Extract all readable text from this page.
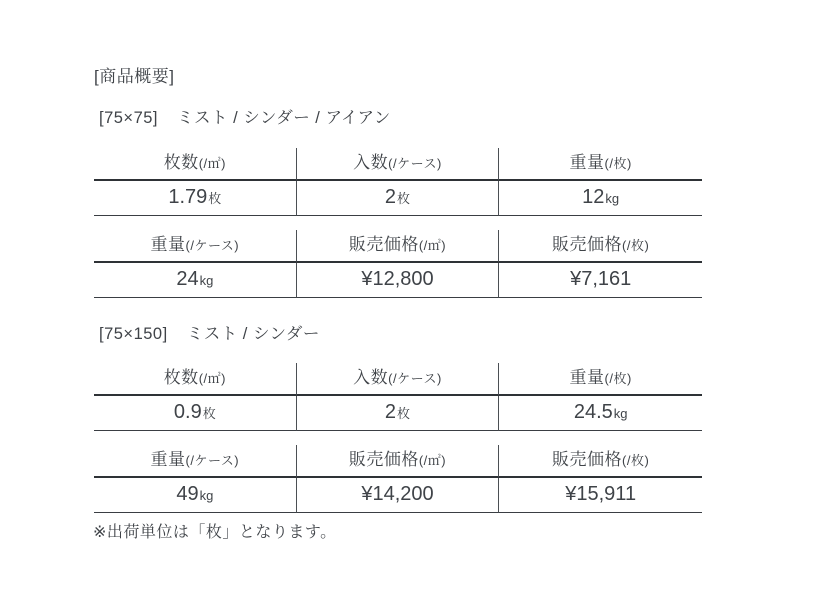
[商品概要]
[75×75] ミスト / シンダー / アイアン
枚数(/㎡)	入数(/ケース)	重量(/枚)
1.79枚	2枚	12kg
重量(/ケース)	販売価格(/㎡)	販売価格(/枚)
24kg	¥12,800	¥7,161
[75×150] ミスト / シンダー
枚数(/㎡)	入数(/ケース)	重量(/枚)
0.9枚	2枚	24.5kg
重量(/ケース)	販売価格(/㎡)	販売価格(/枚)
49kg	¥14,200	¥15,911

※出荷単位は「枚」となります。
